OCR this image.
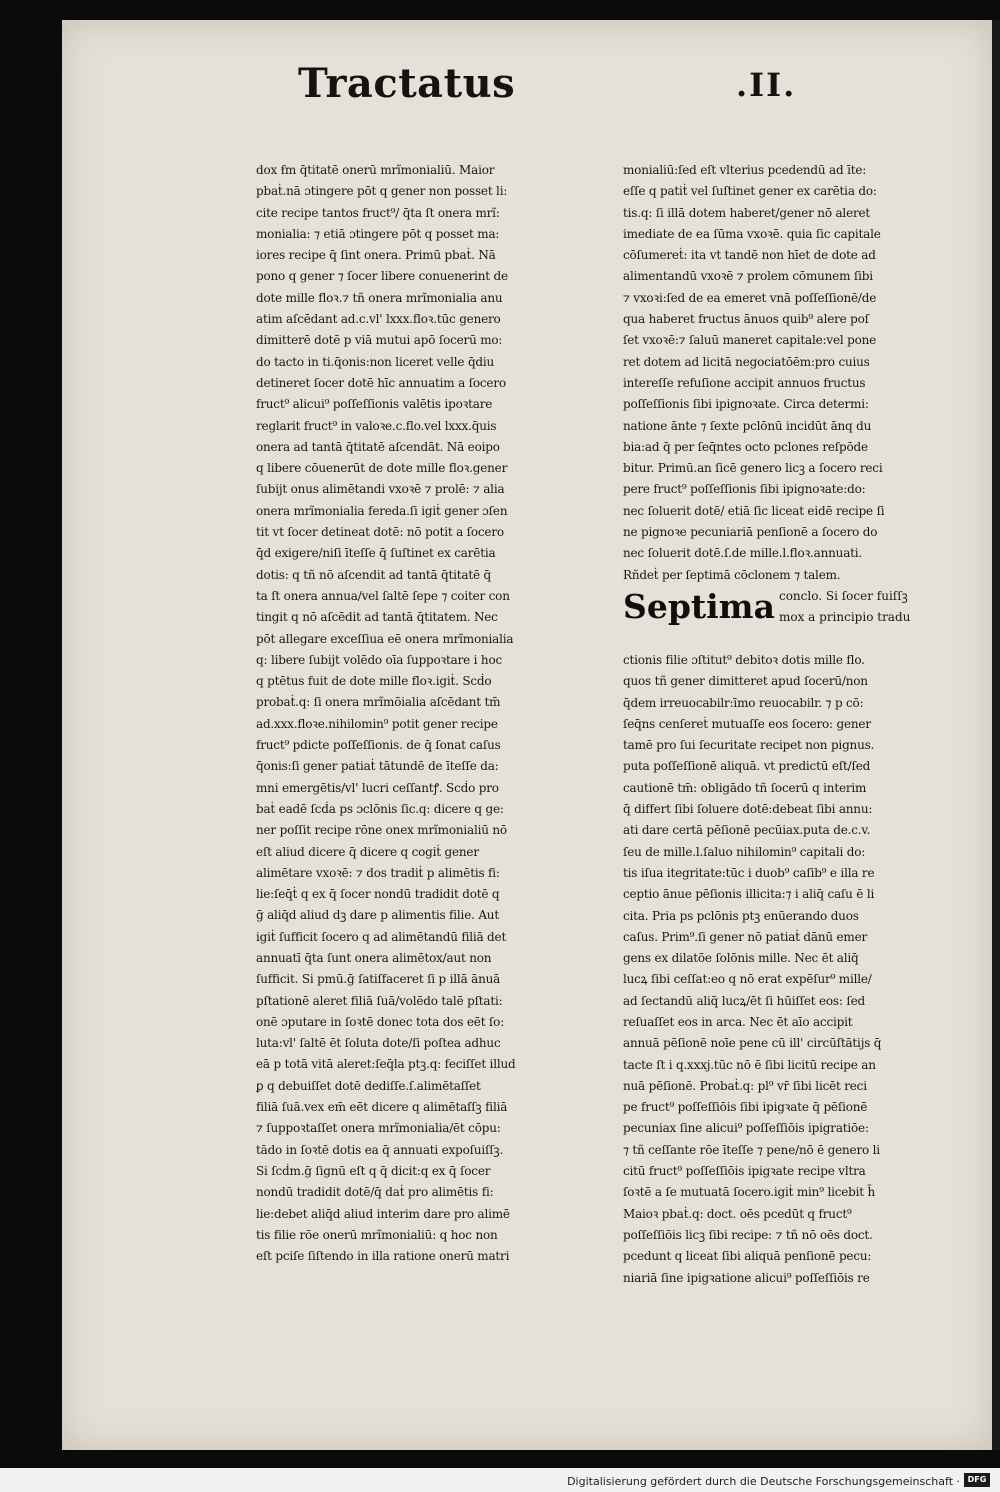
Tractatus	.II.
dox ẜm q̄titatē onerū mrĩmonialiū. Maior
pbaṫ.nā ɔtingere pōt q gener non posset li:
cite recipe tantos fruct⁹/ q̄ta ſt onera mrĩ:
monialia: ⁊ etiā ɔtingere pōt q posset ma:
iores recipe q̄ ſint onera. Primū pbaṫ. Nā
pono q gener ⁊ ſocer libere conuenerint de
dote mille floꝛ.⁊ tñ onera mrĩmonialia anu
atim aſcēdant ad.c.vl' lxxx.floꝛ.tūc genero
dimitterē dotē p viā mutui apō ſocerū mo:
do tacto in ti.q̄onis:non liceret velle q̄diu
detineret ſocer dotē hīc annuatim a ſocero
fruct⁹ alicui⁹ poſſeſſionis valētis ipoꝛtare
reglarit fruct⁹ in valoꝛe.c.flo.vel lxxx.q̄uis
onera ad tantā q̄titatē aſcendāt. Nā eoipo
q libere cōuenerūt de dote mille floꝛ.gener
ſubijt onus alimētandi vxoꝛē ⁊ prolē: ⁊ alia
onera mrĩmonialia fereda.ſi igiṫ gener ɔſen
tit vt ſocer detineat dotē: nō potit a ſocero
q̄d exigere/niſi īteſſe q̄ ſuſtinet ex carētia
dotis: q tñ nō aſcendit ad tantā q̄titatē q̄
ta ſt onera annua/vel ſaltē ſepe ⁊ coiter con
tingit q nō aſcēdit ad tantā q̄titatem. Nec
pōt allegare exceſſiua eē onera mrĩmonialia
q: libere ſubijt volēdo oīa ſuppoꝛtare i hoc
q ptētus fuit de dote mille floꝛ.igiṫ. Scḋo
probaṫ.q: ſi onera mrĩmōialia aſcēdant tm̄
ad.xxx.floꝛe.nihilomin⁹ potit gener recipe
fruct⁹ pdicte poſſeſſionis. de q̄ ſonat caſus
q̄onis:ſi gener patiaṫ tātundē de īteſſe da:
mni emergētis/vl' lucri ceſſantꝭ. Scḋo pro
baṫ eadē ſcḋa ps ɔclōnis ſic.q: dicere q ge:
ner poſſit recipe rōne onex mrĩmonialiū nō
eſt aliud dicere q̄ dicere q cogiṫ gener
alimētare vxoꝛē: ⁊ dos tradiṫ p alimētis fi:
lie:ſeq̄ṫ q ex q̄ ſocer nondū tradidit dotē q
ḡ aliq̄d aliud dꝫ dare p alimentis filie. Aut
igiṫ ſufficit ſocero q ad alimētandū filiā det
annuatī q̄ta ſunt onera alimētox/aut non
ſufficit. Si pmū.ḡ ſatiſfaceret ſi p illā ānuā
pſtationē aleret filiā ſuā/volēdo talē pſtati:
onē ɔputare in ſoꝛtē donec tota dos eēt ſo:
luta:vl' ſaltē ēt ſoluta dote/ſi poſtea adhuc
eā p totā vitā aleret:ſeq̄la ptꝫ.q: feciſſet illud
ꝑ q debuiſſet dotē dediſſe.ſ.alimētaſſet
filiā ſuā.vex em̄ eēt dicere q alimētaſſꝫ filiā
⁊ ſuppoꝛtaſſet onera mrĩmonialia/ēt cōpu:
tādo in ſoꝛtē dotis ea q̄ annuati expoſuiſſꝫ.
Si ſcḋm.ḡ ſignū eſt q q̄ dicit:q ex q̄ ſocer
nondū tradidit dotē/q̄ daṫ pro alimētis fi:
lie:debet aliq̄d aliud interim dare pro alimē
tis filie rōe onerū mrĩmonialiū: q hoc non
eſt pciſe ſiſtendo in illa ratione onerū matri
monialiū:ſed eſt vlterius pcedendū ad īte:
eſſe q patiṫ vel ſuſtinet gener ex carētia do:
tis.q: ſi illā dotem haberet/gener nō aleret
imediate de ea ſūma vxoꝛē. quia ſic capitale
cōſumereṫ: ita vt tandē non hīet de dote ad
alimentandū vxoꝛē ⁊ prolem cōmunem ſibi
⁊ vxoꝛi:ſed de ea emeret vnā poſſeſſionē/de
qua haberet fructus ānuos quib⁹ alere poſ
ſet vxoꝛē:⁊ ſaluū maneret capitale:vel pone
ret dotem ad licitā negociatōēm:pro cuius
intereſſe refuſione accipit annuos fructus
poſſeſſionis ſibi ipignoꝛate. Circa determi:
natione ānte ⁊ ſexte pclōnū incidūt ānq du
bia:ad q̄ per ſeq̄ntes octo pclones reſpōde
bitur. Primū.an ſicē genero licꝫ a ſocero reci
pere fruct⁹ poſſeſſionis ſibi ipignoꝛate:do:
nec ſoluerit dotē/ etiā ſic liceat eidē recipe ſi
ne pignoꝛe pecuniariā penſionē a ſocero do
nec ſoluerit dotē.ſ.de mille.l.floꝛ.annuati.
Rñdeṫ per ſeptimā cōclonem ⁊ talem.
Septima conclo. Si ſocer fuiſſꝫ
mox a principio tradu
ctionis filie ɔſtitut⁹ debitoꝛ dotis mille flo.
quos tñ gener dimitteret apud ſocerū/non
q̄dem irreuocabilr:īmo reuocabilr. ⁊ p cō:
ſeq̄ns cenſereṫ mutuaſſe eos ſocero: gener
tamē pro ſui ſecuritate recipet non pignus.
puta poſſeſſionē aliquā. vt predictū eſt/ſed
cautionē tm̄: obligādo tñ ſocerū q interim
q̄ differt ſibi ſoluere dotē:debeat ſibi annu:
ati dare certā pēſionē pecūiax.puta de.c.v.
ſeu de mille.l.ſaluo nihilomin⁹ capitali do:
tis iſua itegritate:tūc i duob⁹ caſib⁹ e illa re
ceptio ānue pēſionis illicita:⁊ i aliq̄ caſu ē li
cita. Pria ps pclōnis ptꝫ enūerando duos
caſus. Prim⁹.ſi gener nō patiaṫ dānū emer
gens ex dilatōe ſolōnis mille. Nec ēt aliq̄
lucꝝ ſibi ceſſat:eo q nō erat expēſur⁹ mille/
ad ſectandū aliq̄ lucꝝ/ēt ſi hūiſſet eos: ſed
reſuaſſet eos in arca. Nec ēt aīo accipit
annuā pēſionē noīe pene cū ill' circūſtātijs q̄
tacte ſt i q.xxxj.tūc nō ē ſibi licitū recipe an
nuā pēſionē. Probaṫ.q: pl⁹ vr̄ ſibi licēt reci
pe fruct⁹ poſſeſſiōis ſibi ipigꝛate q̄ pēſionē
pecuniax ſine alicui⁹ poſſeſſiōis ipigratiōe:
⁊ tñ ceſſante rōe īteſſe ⁊ pene/nō ē genero li
citū fruct⁹ poſſeſſiōis ipigꝛate recipe vltra
ſoꝛtē a ſe mutuatā ſocero.igiṫ min⁹ licebit h̄
Maioꝛ pbaṫ.q: doct. oēs pcedūt q fruct⁹
poſſeſſiōis licꝫ ſibi recipe: ⁊ tñ nō oēs doct.
pcedunt q liceat ſibi aliquā penſionē pecu:
niariā ſine ipigꝛatione alicui⁹ poſſeſſiōis re
Digitalisierung gefördert durch die Deutsche Forschungsgemeinschaft · DFG
